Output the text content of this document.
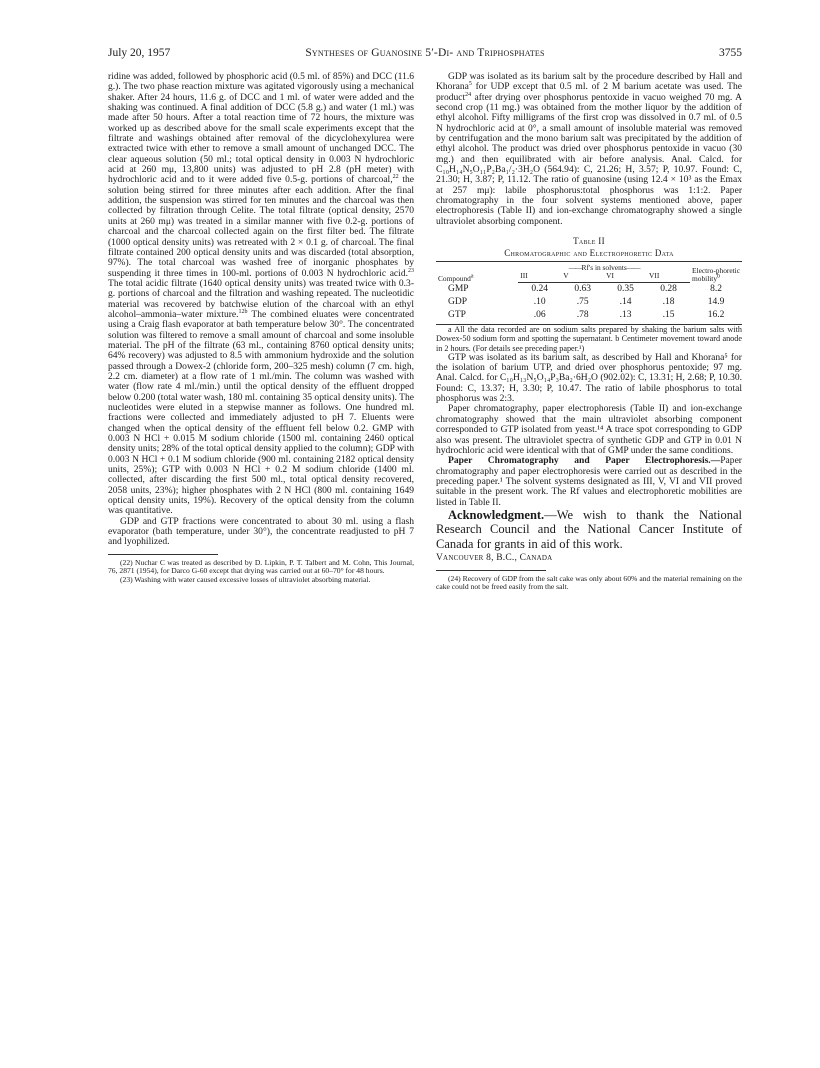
July 20, 1957	Syntheses of Guanosine 5′-Di- and Triphosphates	3755

ridine was added, followed by phosphoric acid (0.5 ml. of 85%) and DCC (11.6 g.). The two phase reaction mixture was agitated vigorously using a mechanical shaker. After 24 hours, 11.6 g. of DCC and 1 ml. of water were added and the shaking was continued. A final addition of DCC (5.8 g.) and water (1 ml.) was made after 50 hours. After a total reaction time of 72 hours, the mixture was worked up as described above for the small scale experiments except that the filtrate and washings obtained after removal of the dicyclohexylurea were extracted twice with ether to remove a small amount of unchanged DCC. The clear aqueous solution (50 ml.; total optical density in 0.003 N hydrochloric acid at 260 mμ, 13,800 units) was adjusted to pH 2.8 (pH meter) with hydrochloric acid and to it were added five 0.5-g. portions of charcoal,$^{22}$ the solution being stirred for three minutes after each addition. After the final addition, the suspension was stirred for ten minutes and the charcoal was then collected by filtration through Celite. The total filtrate (optical density, 2570 units at 260 mμ) was treated in a similar manner with five 0.2-g. portions of charcoal and the charcoal collected again on the first filter bed. The filtrate (1000 optical density units) was retreated with 2 × 0.1 g. of charcoal. The final filtrate contained 200 optical density units and was discarded (total absorption, 97%). The total charcoal was washed free of inorganic phosphates by suspending it three times in 100-ml. portions of 0.003 N hydrochloric acid.$^{23}$ The total acidic filtrate (1640 optical density units) was treated twice with 0.3-g. portions of charcoal and the filtration and washing repeated. The nucleotidic material was recovered by batchwise elution of the charcoal with an ethyl alcohol–ammonia–water mixture.$^{12b}$ The combined eluates were concentrated using a Craig flash evaporator at bath temperature below 30°. The concentrated solution was filtered to remove a small amount of charcoal and some insoluble material. The pH of the filtrate (63 ml., containing 8760 optical density units; 64% recovery) was adjusted to 8.5 with ammonium hydroxide and the solution passed through a Dowex-2 (chloride form, 200–325 mesh) column (7 cm. high, 2.2 cm. diameter) at a flow rate of 1 ml./min. The column was washed with water (flow rate 4 ml./min.) until the optical density of the effluent dropped below 0.200 (total water wash, 180 ml. containing 35 optical density units). The nucleotides were eluted in a stepwise manner as follows. One hundred ml. fractions were collected and immediately adjusted to pH 7. Eluents were changed when the optical density of the effluent fell below 0.2. GMP with 0.003 N HCl + 0.015 M sodium chloride (1500 ml. containing 2460 optical density units; 28% of the total optical density applied to the column); GDP with 0.003 N HCl + 0.1 M sodium chloride (900 ml. containing 2182 optical density units, 25%); GTP with 0.003 N HCl + 0.2 M sodium chloride (1400 ml. collected, after discarding the first 500 ml., total optical density recovered, 2058 units, 23%); higher phosphates with 2 N HCl (800 ml. containing 1649 optical density units, 19%). Recovery of the optical density from the column was quantitative.

GDP and GTP fractions were concentrated to about 30 ml. using a flash evaporator (bath temperature, under 30°), the concentrate readjusted to pH 7 and lyophilized.

(22) Nuchar C was treated as described by D. Lipkin, P. T. Talbert and M. Cohn, This Journal, 76, 2871 (1954), for Darco G-60 except that drying was carried out at 60–70° for 48 hours.

(23) Washing with water caused excessive losses of ultraviolet absorbing material.

GDP was isolated as its barium salt by the procedure described by Hall and Khorana$^5$ for UDP except that 0.5 ml. of 2 M barium acetate was used. The product$^{24}$ after drying over phosphorus pentoxide in vacuo weighed 70 mg. A second crop (11 mg.) was obtained from the mother liquor by the addition of ethyl alcohol. Fifty milligrams of the first crop was dissolved in 0.7 ml. of 0.5 N hydrochloric acid at 0°, a small amount of insoluble material was removed by centrifugation and the mono barium salt was precipitated by the addition of ethyl alcohol. The product was dried over phosphorus pentoxide in vacuo (30 mg.) and then equilibrated with air before analysis. Anal. Calcd. for C₁₀H₁₄N₅O₁₁P₂Ba₁/₂·3H₂O (564.94): C, 21.26; H, 3.57; P, 10.97. Found: C, 21.30; H, 3.87; P, 11.12. The ratio of guanosine (using 12.4 × 10³ as the Emax at 257 mμ): labile phosphorus:total phosphorus was 1:1:2. Paper chromatography in the four solvent systems mentioned above, paper electrophoresis (Table II) and ion-exchange chromatography showed a single ultraviolet absorbing component.

Table II
Chromatographic and Electrophoretic Data
Compound$^a$	——Rf's in solvents——				Electro-phoretic mobility$^b$
	III	V	VI	VII	
GMP	0.24	0.63	0.35	0.28	8.2
GDP	.10	.75	.14	.18	14.9
GTP	.06	.78	.13	.15	16.2

a All the data recorded are on sodium salts prepared by shaking the barium salts with Dowex-50 sodium form and spotting the supernatant. b Centimeter movement toward anode in 2 hours. (For details see preceding paper.¹)

GTP was isolated as its barium salt, as described by Hall and Khorana⁵ for the isolation of barium UTP, and dried over phosphorus pentoxide; 97 mg. Anal. Calcd. for C₁₀H₁₃N₅O₁₄P₃Ba₂·6H₂O (902.02): C, 13.31; H, 2.68; P, 10.30. Found: C, 13.37; H, 3.30; P, 10.47. The ratio of labile phosphorus to total phosphorus was 2:3.

Paper chromatography, paper electrophoresis (Table II) and ion-exchange chromatography showed that the main ultraviolet absorbing component corresponded to GTP isolated from yeast.¹⁴ A trace spot corresponding to GDP also was present. The ultraviolet spectra of synthetic GDP and GTP in 0.01 N hydrochloric acid were identical with that of GMP under the same conditions.

Paper Chromatography and Paper Electrophoresis.—Paper chromatography and paper electrophoresis were carried out as described in the preceding paper.¹ The solvent systems designated as III, V, VI and VII proved suitable in the present work. The Rf values and electrophoretic mobilities are listed in Table II.

Acknowledgment.—We wish to thank the National Research Council and the National Cancer Institute of Canada for grants in aid of this work.

Vancouver 8, B.C., Canada

(24) Recovery of GDP from the salt cake was only about 60% and the material remaining on the cake could not be freed easily from the salt.
